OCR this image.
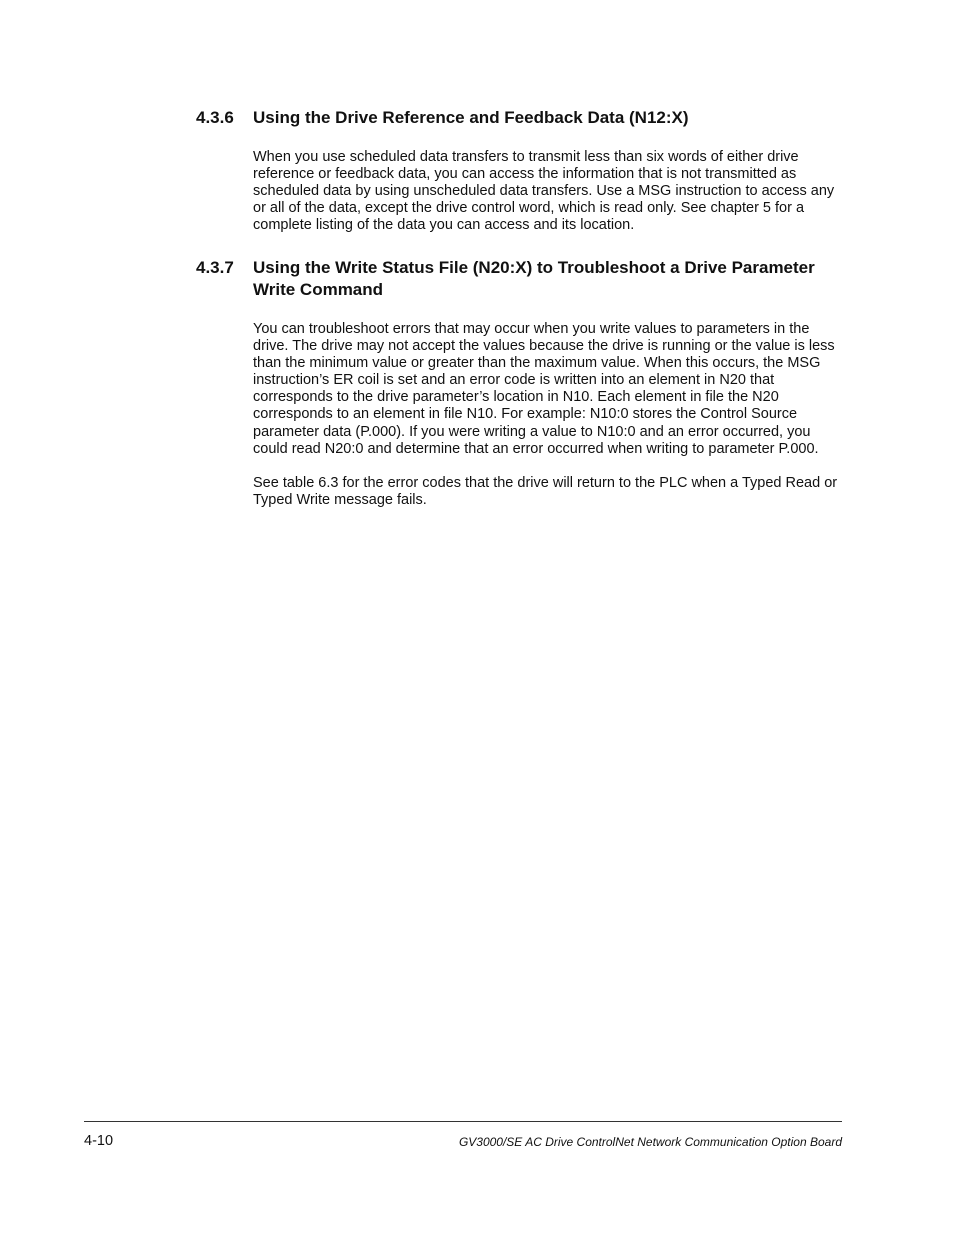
4.3.6	Using the Drive Reference and Feedback Data (N12:X)

When you use scheduled data transfers to transmit less than six words of either drive reference or feedback data, you can access the information that is not transmitted as scheduled data by using unscheduled data transfers. Use a MSG instruction to access any or all of the data, except the drive control word, which is read only. See chapter 5 for a complete listing of the data you can access and its location.

4.3.7	Using the Write Status File (N20:X) to Troubleshoot a Drive Parameter Write Command

You can troubleshoot errors that may occur when you write values to parameters in the drive. The drive may not accept the values because the drive is running or the value is less than the minimum value or greater than the maximum value. When this occurs, the MSG instruction’s ER coil is set and an error code is written into an element in N20 that corresponds to the drive parameter’s location in N10. Each element in file the N20 corresponds to an element in file N10. For example: N10:0 stores the Control Source parameter data (P.000). If you were writing a value to N10:0 and an error occurred, you could read N20:0 and determine that an error occurred when writing to parameter P.000.

See table 6.3 for the error codes that the drive will return to the PLC when a Typed Read or Typed Write message fails.

4-10	GV3000/SE AC Drive ControlNet Network Communication Option Board
